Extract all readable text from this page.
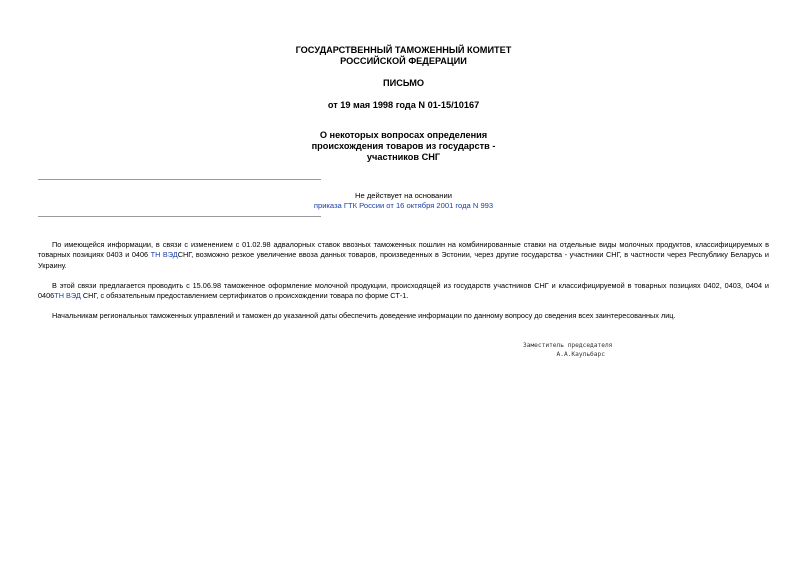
ГОСУДАРСТВЕННЫЙ ТАМОЖЕННЫЙ КОМИТЕТ
РОССИЙСКОЙ ФЕДЕРАЦИИ
ПИСЬМО
от 19 мая 1998 года N 01-15/10167
О некоторых вопросах определения
происхождения товаров из государств -
участников СНГ
Не действует на основании
приказа ГТК России от 16 октября 2001 года N 993
По имеющейся информации, в связи с изменением с 01.02.98 адвалорных ставок ввозных таможенных пошлин на комбинированные ставки на отдельные виды молочных продуктов, классифицируемых в товарных позициях 0403 и 0406 ТН ВЭДСНГ, возможно резкое увеличение ввоза данных товаров, произведенных в Эстонии, через другие государства - участники СНГ, в частности через Республику Беларусь и Украину.
В этой связи предлагается проводить с 15.06.98 таможенное оформление молочной продукции, происходящей из государств участников СНГ и классифицируемой в товарных позициях 0402, 0403, 0404 и 0406ТН ВЭД СНГ, с обязательным предоставлением сертификатов о происхождении товара по форме СТ-1.
Начальникам региональных таможенных управлений и таможен до указанной даты обеспечить доведение информации по данному вопросу до сведения всех заинтересованных лиц.
Заместитель председателя
А.А.Каульбарс
